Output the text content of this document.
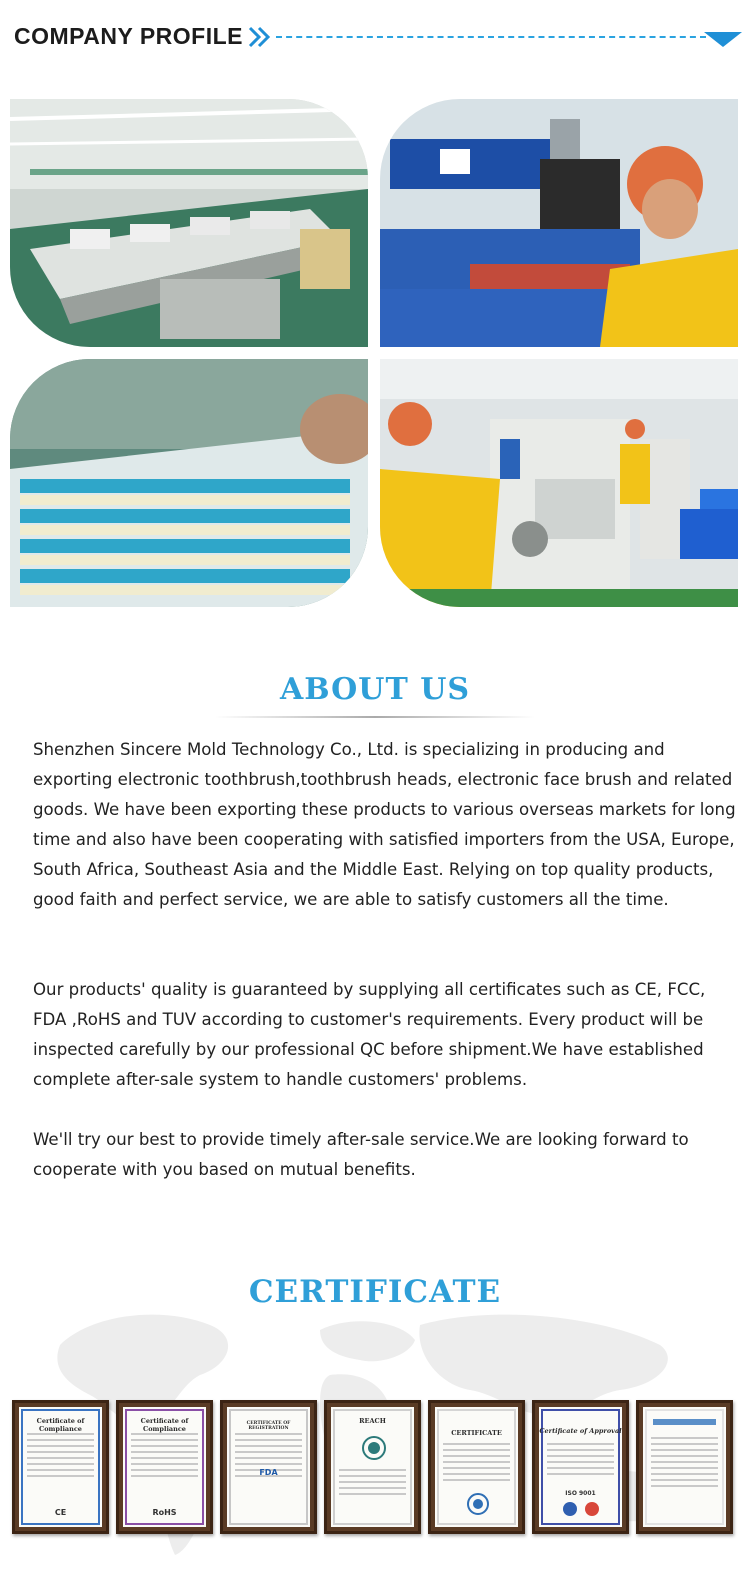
COMPANY PROFILE
ABOUT US
Shenzhen Sincere Mold Technology Co., Ltd. is specializing in producing and exporting electronic toothbrush,toothbrush heads, electronic face brush and related goods. We have been exporting these products to various overseas markets for long time and also have been cooperating with satisfied importers from the USA, Europe, South Africa, Southeast Asia and the Middle East. Relying on top quality products, good faith and perfect service, we are able to satisfy customers all the time.
Our products' quality is guaranteed by supplying all certificates such as CE, FCC, FDA ,RoHS and TUV according to customer's requirements. Every product will be inspected carefully by our professional QC before shipment.We have established complete after-sale system to handle customers' problems.
We'll try our best to provide timely after-sale service.We are looking forward to cooperate with you based on mutual benefits.
CERTIFICATE
Certificate of Compliance
CE
Certificate of Compliance
RoHS
CERTIFICATE OF REGISTRATION
FDA
REACH
CERTIFICATE	Certificate of Approval
ISO 9001
